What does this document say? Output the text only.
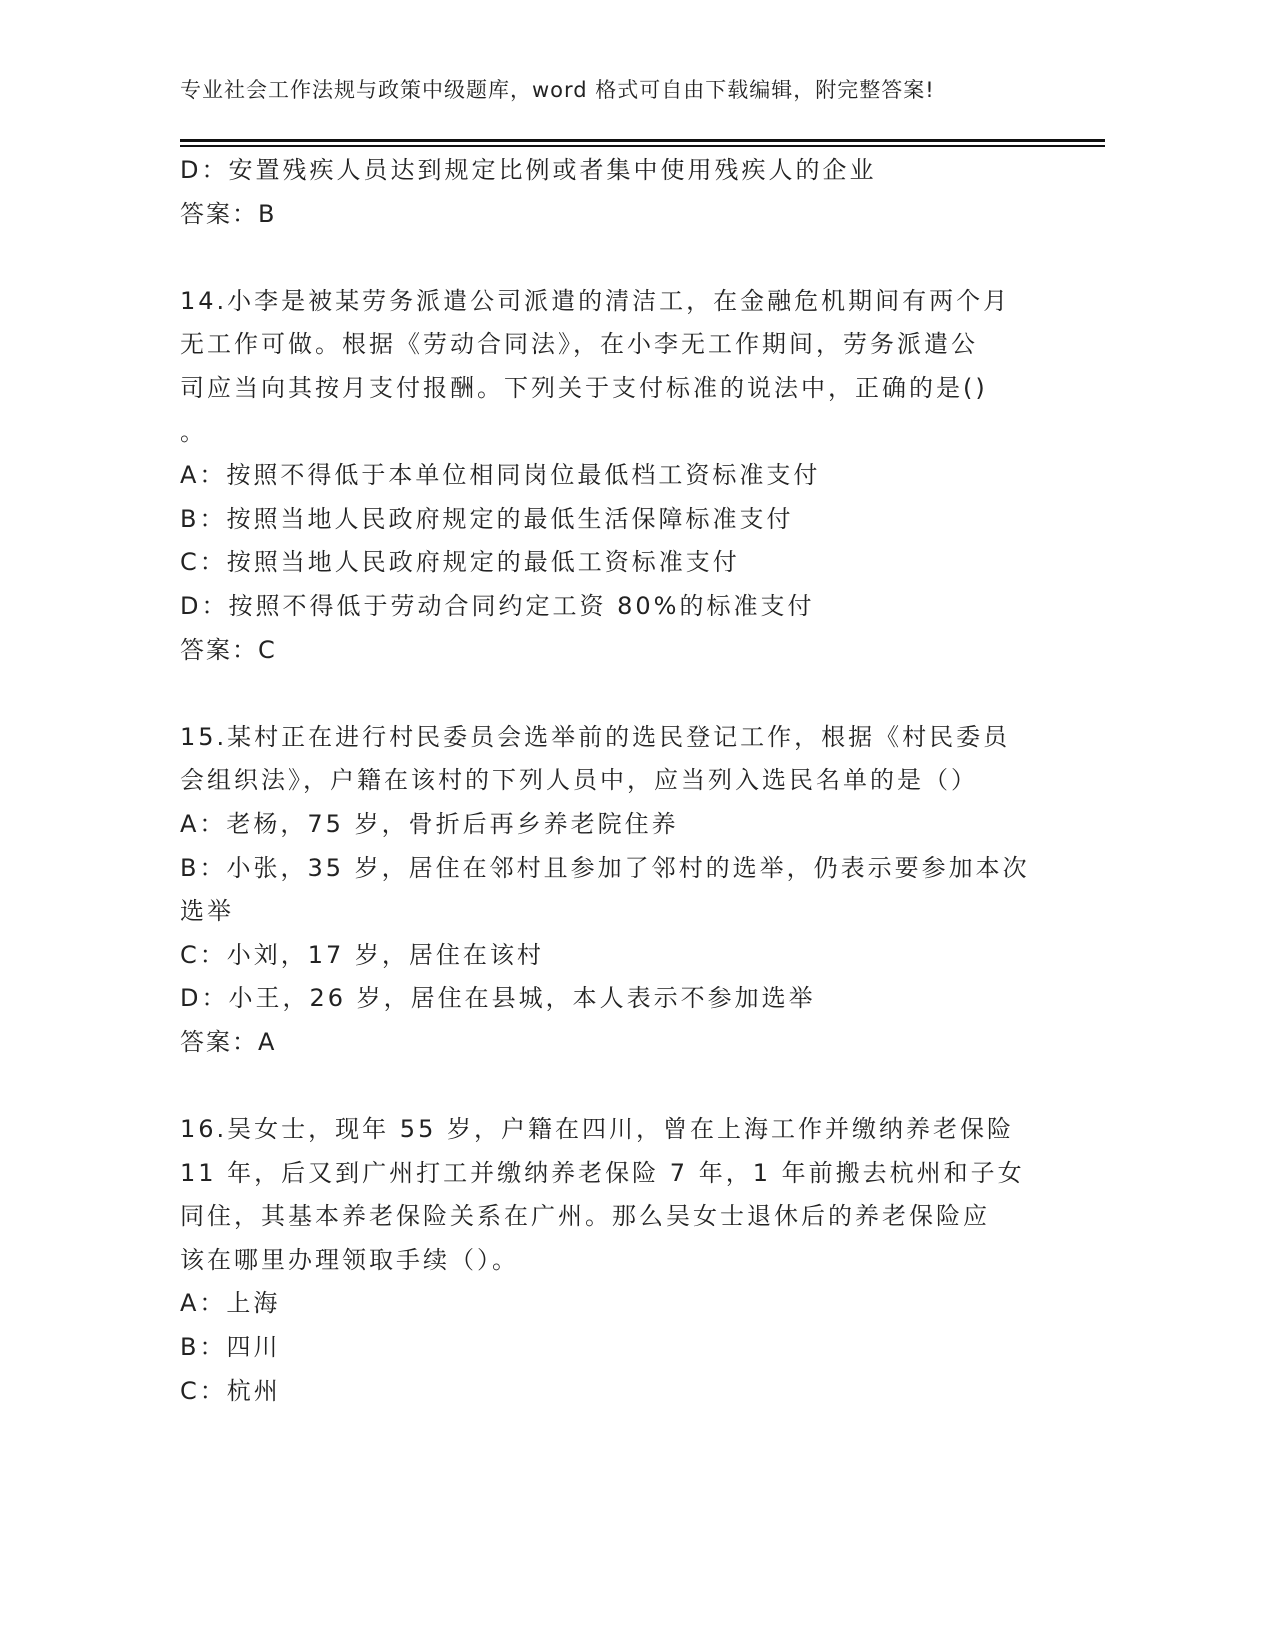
专业社会工作法规与政策中级题库，word 格式可自由下载编辑，附完整答案!
D：安置残疾人员达到规定比例或者集中使用残疾人的企业
答案：B
14.小李是被某劳务派遣公司派遣的清洁工，在金融危机期间有两个月
无工作可做。根据《劳动合同法》，在小李无工作期间，劳务派遣公
司应当向其按月支付报酬。下列关于支付标准的说法中，正确的是()
。
A：按照不得低于本单位相同岗位最低档工资标准支付
B：按照当地人民政府规定的最低生活保障标准支付
C：按照当地人民政府规定的最低工资标准支付
D：按照不得低于劳动合同约定工资 80%的标准支付
答案：C
15.某村正在进行村民委员会选举前的选民登记工作，根据《村民委员
会组织法》，户籍在该村的下列人员中，应当列入选民名单的是（）
A：老杨，75 岁，骨折后再乡养老院住养
B：小张，35 岁，居住在邻村且参加了邻村的选举，仍表示要参加本次
选举
C：小刘，17 岁，居住在该村
D：小王，26 岁，居住在县城，本人表示不参加选举
答案：A
16.吴女士，现年 55 岁，户籍在四川，曾在上海工作并缴纳养老保险
11 年，后又到广州打工并缴纳养老保险 7 年，1 年前搬去杭州和子女
同住，其基本养老保险关系在广州。那么吴女士退休后的养老保险应
该在哪里办理领取手续（）。
A：上海
B：四川
C：杭州
